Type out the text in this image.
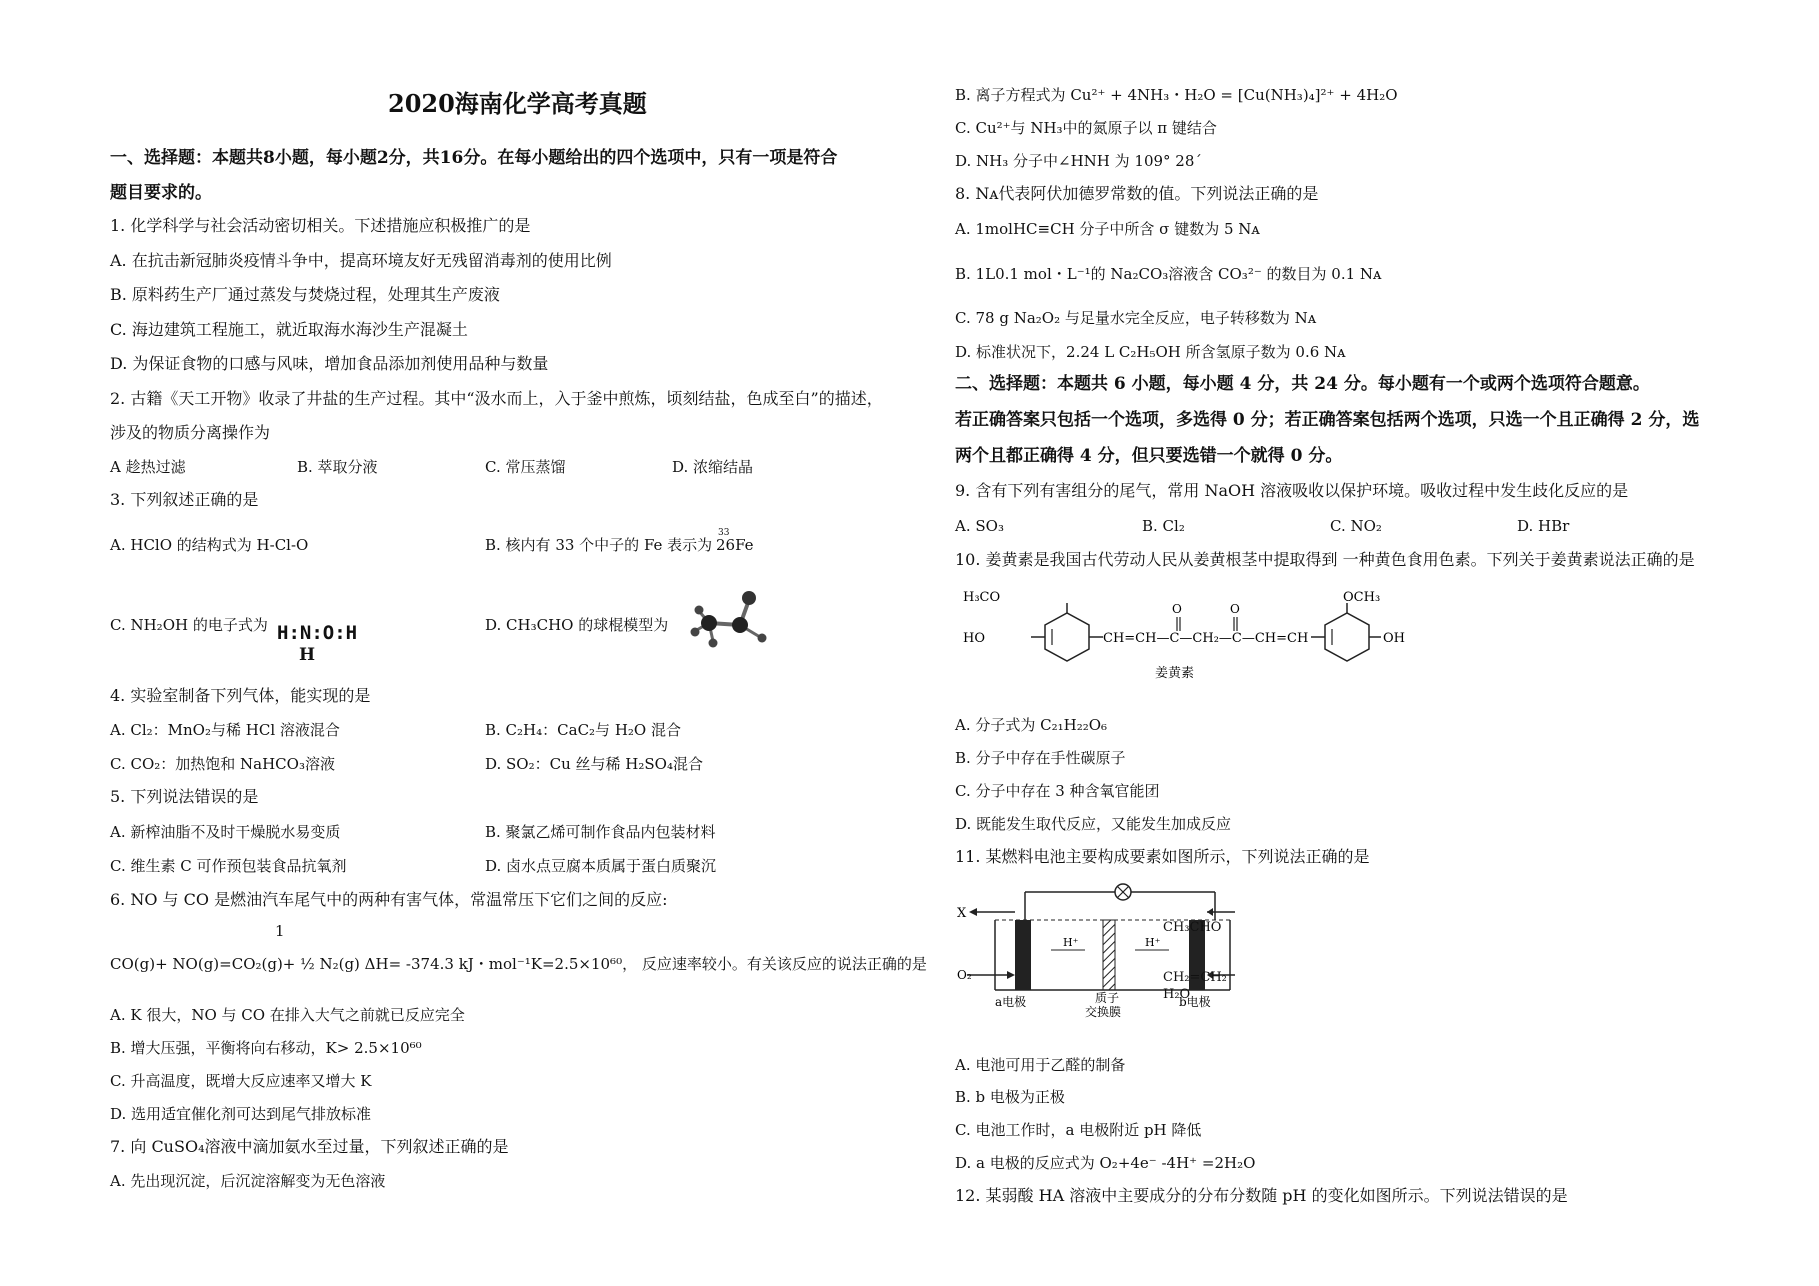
2020海南化学高考真题
一、选择题：本题共8小题，每小题2分，共16分。在每小题给出的四个选项中，只有一项是符合
题目要求的。
1. 化学科学与社会活动密切相关。下述措施应积极推广的是
A. 在抗击新冠肺炎疫情斗争中，提高环境友好无残留消毒剂的使用比例
B. 原料药生产厂通过蒸发与焚烧过程，处理其生产废液
C. 海边建筑工程施工，就近取海水海沙生产混凝土
D. 为保证食物的口感与风味，增加食品添加剂使用品种与数量
2. 古籍《天工开物》收录了井盐的生产过程。其中“汲水而上，入于釜中煎炼，顷刻结盐，色成至白”的描述，
涉及的物质分离操作为
A 趁热过滤	B. 萃取分液	C. 常压蒸馏	D. 浓缩结晶
3. 下列叙述正确的是
A. HClO 的结构式为 H-Cl-O	B. 核内有 33 个中子的 Fe 表示为
33
26Fe
C. NH₂OH 的电子式为 H:N:O:H
H
D. CH₃CHO 的球棍模型为
4. 实验室制备下列气体，能实现的是
A. Cl₂：MnO₂与稀 HCl 溶液混合	B. C₂H₄：CaC₂与 H₂O 混合
C. CO₂：加热饱和 NaHCO₃溶液	D. SO₂：Cu 丝与稀 H₂SO₄混合
5. 下列说法错误的是
A. 新榨油脂不及时干燥脱水易变质	B. 聚氯乙烯可制作食品内包装材料
C. 维生素 C 可作预包装食品抗氧剂	D. 卤水点豆腐本质属于蛋白质聚沉
6. NO 与 CO 是燃油汽车尾气中的两种有害气体，常温常压下它们之间的反应:
1
CO(g)+ NO(g)=CO₂(g)+ ½ N₂(g) ΔH= -374.3 kJ・mol⁻¹K=2.5×10⁶⁰， 反应速率较小。有关该反应的说法正确的是
A. K 很大，NO 与 CO 在排入大气之前就已反应完全
B. 增大压强，平衡将向右移动，K> 2.5×10⁶⁰
C. 升高温度，既增大反应速率又增大 K
D. 选用适宜催化剂可达到尾气排放标准
7. 向 CuSO₄溶液中滴加氨水至过量，下列叙述正确的是
A. 先出现沉淀，后沉淀溶解变为无色溶液
B. 离子方程式为 Cu²⁺ + 4NH₃・H₂O = [Cu(NH₃)₄]²⁺ + 4H₂O
C. Cu²⁺与 NH₃中的氮原子以 π 键结合
D. NH₃ 分子中∠HNH 为 109° 28´
8. Nᴀ代表阿伏加德罗常数的值。下列说法正确的是
A. 1molHC≡CH 分子中所含 σ 键数为 5 Nᴀ
B. 1L0.1 mol・L⁻¹的 Na₂CO₃溶液含 CO₃²⁻ 的数目为 0.1 Nᴀ
C. 78 g Na₂O₂ 与足量水完全反应，电子转移数为 Nᴀ
D. 标准状况下，2.24 L C₂H₅OH 所含氢原子数为 0.6 Nᴀ
二、选择题：本题共 6 小题，每小题 4 分，共 24 分。每小题有一个或两个选项符合题意。
若正确答案只包括一个选项，多选得 0 分；若正确答案包括两个选项，只选一个且正确得 2 分，选
两个且都正确得 4 分，但只要选错一个就得 0 分。
9. 含有下列有害组分的尾气，常用 NaOH 溶液吸收以保护环境。吸收过程中发生歧化反应的是
A. SO₃	B. Cl₂	C. NO₂	D. HBr
10. 姜黄素是我国古代劳动人民从姜黄根茎中提取得到 一种黄色食用色素。下列关于姜黄素说法正确的是
H₃CO
HO	CH=CH—C—CH₂—C—CH=CH
O	O
OCH₃
OH
姜黄素
A. 分子式为 C₂₁H₂₂O₆
B. 分子中存在手性碳原子
C. 分子中存在 3 种含氧官能团
D. 既能发生取代反应，又能发生加成反应
11. 某燃料电池主要构成要素如图所示，下列说法正确的是
X
O₂
H⁺	H⁺
a电极	质子
交换膜
b电极
CH₃CHO
CH₂=CH₂
H₂O
A. 电池可用于乙醛的制备
B. b 电极为正极
C. 电池工作时，a 电极附近 pH 降低
D. a 电极的反应式为 O₂+4e⁻ -4H⁺ =2H₂O
12. 某弱酸 HA 溶液中主要成分的分布分数随 pH 的变化如图所示。下列说法错误的是
